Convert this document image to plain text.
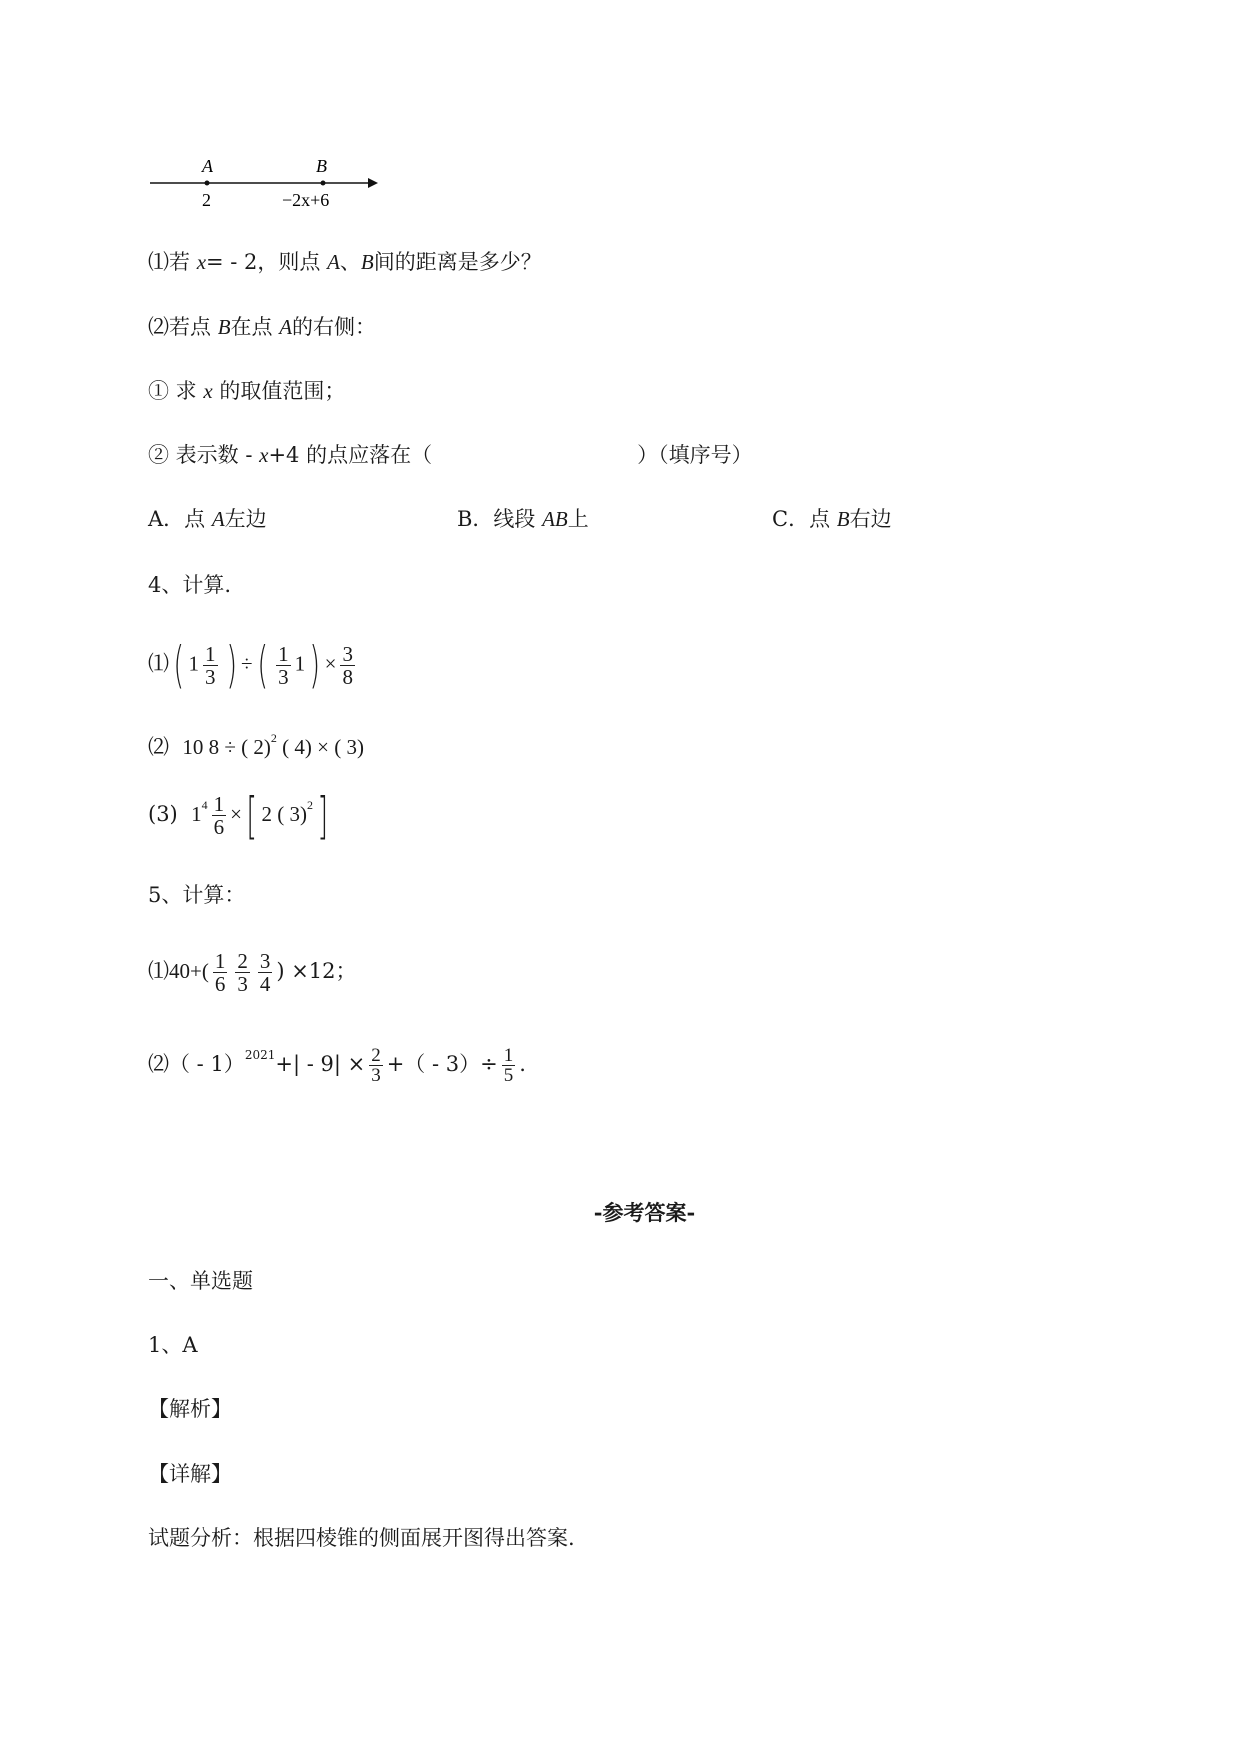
A	B
2	−2x+6
⑴若 x= - 2，则点 A、B间的距离是多少？
⑵若点 B在点 A的右侧：
① 求 x 的取值范围；
② 表示数 - x+4 的点应落在（	）（填序号）
A．点 A左边	B．线段 AB上	C．点 B右边
4、计算.
⑴( $1 \frac{1}{3}$ ) ÷( $\frac{1}{3} 1) \times \frac{3}{8}$
⑵ 10 8 ÷ ( 2)$^2$ ( 4) × ( 3)
(3) $1^4 \frac{1}{6}$ ×[ 2 ( 3)$^2$]
5、计算：
⑴40+( $\frac{1}{6} \frac{2}{3} \frac{3}{4}$ ) ×12；
⑵（ - $1)^{2021}+| - 9| \times \frac{2}{3}$ +（ - $3)\div \frac{1}{5}$ .
-参考答案-
一、单选题
1、A
【解析】
【详解】
试题分析：根据四棱锥的侧面展开图得出答案.
